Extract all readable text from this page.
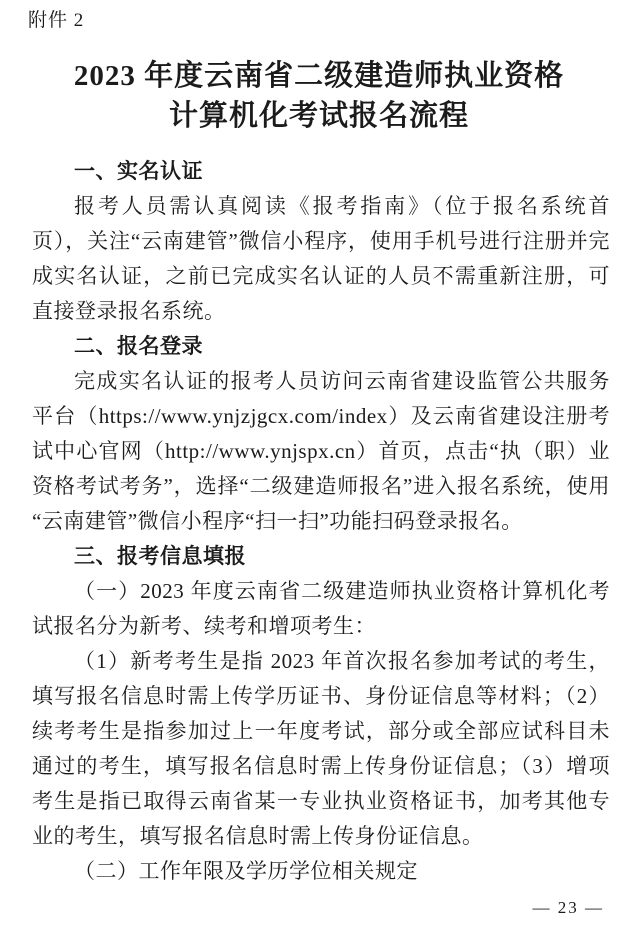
附件 2
2023 年度云南省二级建造师执业资格
计算机化考试报名流程
一、实名认证

报考人员需认真阅读《报考指南》（位于报名系统首页），关注“云南建管”微信小程序，使用手机号进行注册并完成实名认证，之前已完成实名认证的人员不需重新注册，可直接登录报名系统。

二、报名登录

完成实名认证的报考人员访问云南省建设监管公共服务平台（https://www.ynjzjgcx.com/index）及云南省建设注册考试中心官网（http://www.ynjspx.cn）首页，点击“执（职）业资格考试考务”，选择“二级建造师报名”进入报名系统，使用“云南建管”微信小程序“扫一扫”功能扫码登录报名。

三、报考信息填报

（一）2023 年度云南省二级建造师执业资格计算机化考试报名分为新考、续考和增项考生：

（1）新考考生是指 2023 年首次报名参加考试的考生，填写报名信息时需上传学历证书、身份证信息等材料；（2）续考考生是指参加过上一年度考试，部分或全部应试科目未通过的考生，填写报名信息时需上传身份证信息；（3）增项考生是指已取得云南省某一专业执业资格证书，加考其他专业的考生，填写报名信息时需上传身份证信息。

（二）工作年限及学历学位相关规定

— 23 —
